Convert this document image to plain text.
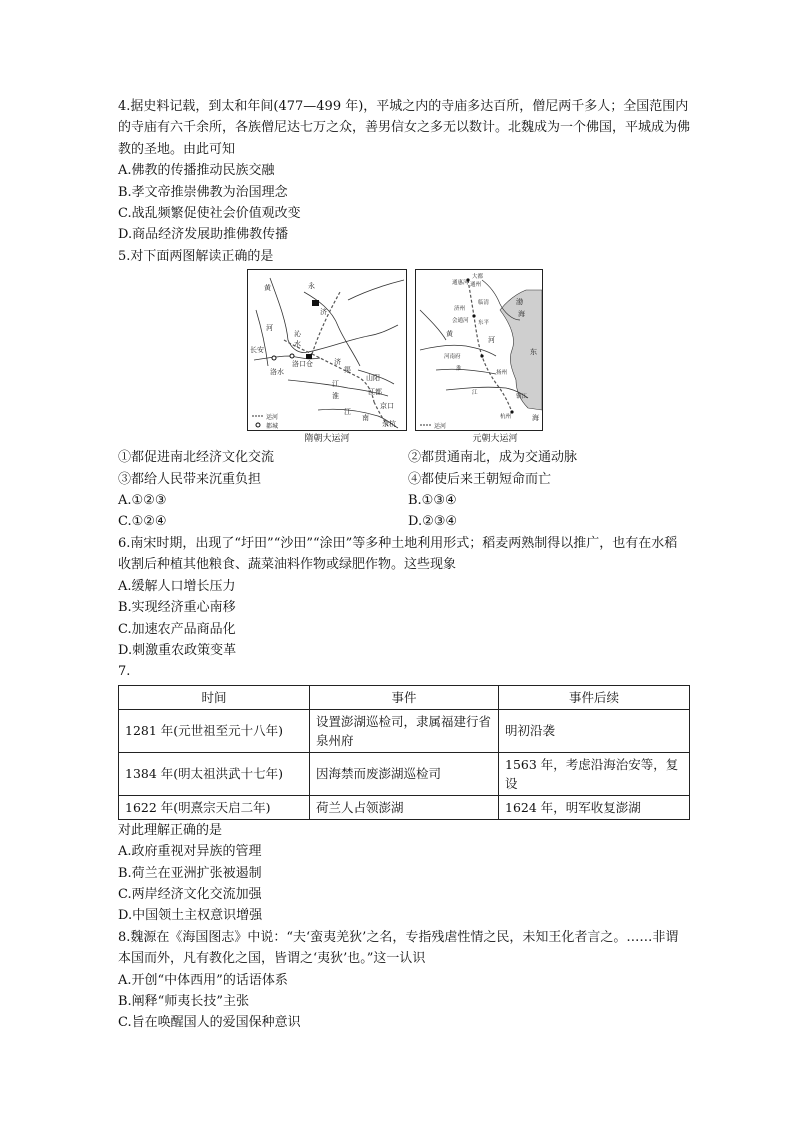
4.据史料记载，到太和年间(477—499 年)，平城之内的寺庙多达百所，僧尼两千多人；全国范围内的寺庙有六千余所，各族僧尼达七万之众，善男信女之多无以数计。北魏成为一个佛国，平城成为佛教的圣地。由此可知

A.佛教的传播推动民族交融

B.孝文帝推崇佛教为治国理念

C.战乱频繁促使社会价值观改变

D.商品经济发展助推佛教传播

5.对下面两图解读正确的是

黄
河
长安
洛水
沁
水
济
永
洛口仓	济
渠
江
淮
山阳
江都
江
南
京口
余杭
运河
都城
隋朝大运河
大都
通州
通惠河
济州
会通河
临清
东平
河南府
黄
河
淮
江
扬州
杭州
镇江
渤
海
东
海
运河
元朝大运河
①都促进南北经济文化交流	②都贯通南北，成为交通动脉
③都给人民带来沉重负担	④都使后来王朝短命而亡
A.①②③	B.①③④
C.①②④	D.②③④

6.南宋时期，出现了“圩田”“沙田”“涂田”等多种土地利用形式；稻麦两熟制得以推广，也有在水稻收割后种植其他粮食、蔬菜油料作物或绿肥作物。这些现象

A.缓解人口增长压力

B.实现经济重心南移

C.加速农产品商品化

D.刺激重农政策变革

7.

时间	事件	事件后续
1281 年(元世祖至元十八年)	设置澎湖巡检司，隶属福建行省泉州府	明初沿袭
1384 年(明太祖洪武十七年)	因海禁而废澎湖巡检司	1563 年，考虑沿海治安等，复设
1622 年(明熹宗天启二年)	荷兰人占领澎湖	1624 年，明军收复澎湖

对此理解正确的是

A.政府重视对异族的管理

B.荷兰在亚洲扩张被遏制

C.两岸经济文化交流加强

D.中国领土主权意识增强

8.魏源在《海国图志》中说：“夫‘蛮夷羌狄’之名，专指残虐性情之民，未知王化者言之。……非谓本国而外，凡有教化之国，皆谓之‘夷狄’也。”这一认识

A.开创“中体西用”的话语体系

B.阐释“师夷长技”主张

C.旨在唤醒国人的爱国保种意识
